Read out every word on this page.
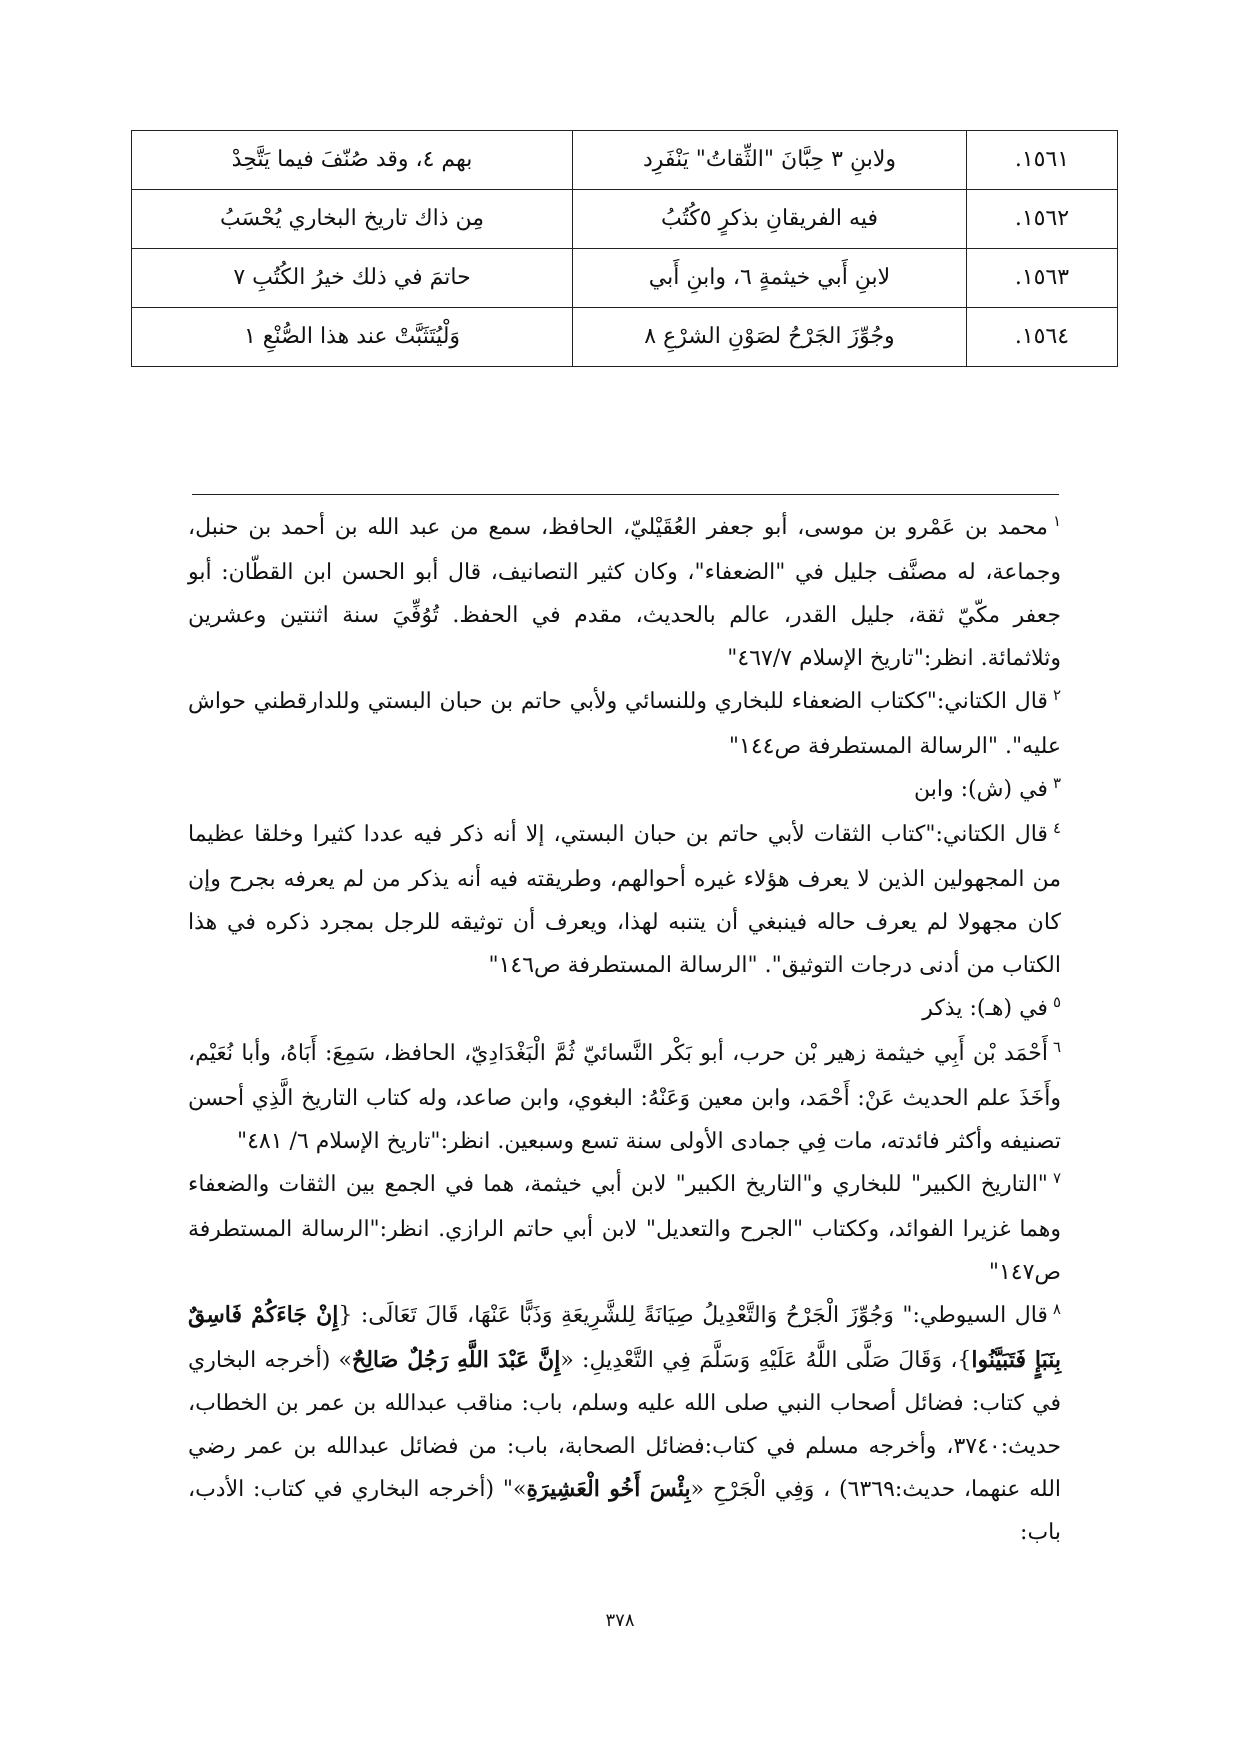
١٥٦١.	ولابنِ ٣ حِبَّانَ "الثِّقاتُ" يَنْفَرِد	بهم ٤، وقد صُنّفَ فيما يَتَّحِدْ
١٥٦٢.	فيه الفريقانِ بذكرٍ ٥كُتُبُ	مِن ذاك تاريخ البخاري يُحْسَبُ
١٥٦٣.	لابنِ أَبي خيثمةٍ ٦، وابنِ أَبي	حاتمَ في ذلك خيرُ الكُتُبِ ٧
١٥٦٤.	وجُوِّزَ الجَرْحُ لصَوْنِ الشرْعِ ٨	وَلْيُتَثَبَّتْ عند هذا الصُّنْعِ ١

$^١$محمد بن عَمْرو بن موسى، أبو جعفر العُقَيْليّ، الحافظ، سمع من عبد الله بن أحمد بن حنبل، وجماعة، له مصنَّف جليل في "الضعفاء"، وكان كثير التصانيف، قال أبو الحسن ابن القطّان: أبو جعفر مكّيّ ثقة، جليل القدر، عالم بالحديث، مقدم في الحفظ. تُوُفِّيَ سنة اثنتين وعشرين وثلاثمائة. انظر:"تاريخ الإسلام ٤٦٧/٧"

$^٢$قال الكتاني:"ككتاب الضعفاء للبخاري وللنسائي ولأبي حاتم بن حبان البستي وللدارقطني حواش عليه". "الرسالة المستطرفة ص١٤٤"

$^٣$في (ش): وابن

$^٤$قال الكتاني:"كتاب الثقات لأبي حاتم بن حبان البستي، إلا أنه ذكر فيه عددا كثيرا وخلقا عظيما من المجهولين الذين لا يعرف هؤلاء غيره أحوالهم، وطريقته فيه أنه يذكر من لم يعرفه بجرح وإن كان مجهولا لم يعرف حاله فينبغي أن يتنبه لهذا، ويعرف أن توثيقه للرجل بمجرد ذكره في هذا الكتاب من أدنى درجات التوثيق". "الرسالة المستطرفة ص١٤٦"

$^٥$في (هـ): يذكر

$^٦$أَحْمَد بْن أَبِي خيثمة زهير بْن حرب، أبو بَكْر النَّسائيّ ثُمَّ الْبَغْدَادِيّ، الحافظ، سَمِعَ: أَبَاهُ، وأبا نُعَيْم، وأَخَذَ علم الحديث عَنْ: أَحْمَد، وابن معين وَعَنْهُ: البغوي، وابن صاعد، وله كتاب التاريخ الَّذِي أحسن تصنيفه وأكثر فائدته، مات فِي جمادى الأولى سنة تسع وسبعين. انظر:"تاريخ الإسلام ٦/ ٤٨١"

$^٧$"التاريخ الكبير" للبخاري و"التاريخ الكبير" لابن أبي خيثمة، هما في الجمع بين الثقات والضعفاء وهما غزيرا الفوائد، وككتاب "الجرح والتعديل" لابن أبي حاتم الرازي. انظر:"الرسالة المستطرفة ص١٤٧"

$^٨$قال السيوطي:" وَجُوِّزَ الْجَرْحُ وَالتَّعْدِيلُ صِيَانَةً لِلشَّرِيعَةِ وَذَبًّا عَنْهَا، قَالَ تَعَالَى: {إِنْ جَاءَكُمْ فَاسِقٌ بِنَبَإٍ فَتَبَيَّنُوا}، وَقَالَ صَلَّى اللَّهُ عَلَيْهِ وَسَلَّمَ فِي التَّعْدِيلِ: «إِنَّ عَبْدَ اللَّهِ رَجُلٌ صَالِحٌ» (أخرجه البخاري في كتاب: فضائل أصحاب النبي صلى الله عليه وسلم، باب: مناقب عبدالله بن عمر بن الخطاب، حديث:٣٧٤٠، وأخرجه مسلم في كتاب:فضائل الصحابة، باب: من فضائل عبدالله بن عمر رضي الله عنهما، حديث:٦٣٦٩) ، وَفِي الْجَرْحِ «بِئْسَ أَخُو الْعَشِيرَةِ»" (أخرجه البخاري في كتاب: الأدب، باب:

٣٧٨
